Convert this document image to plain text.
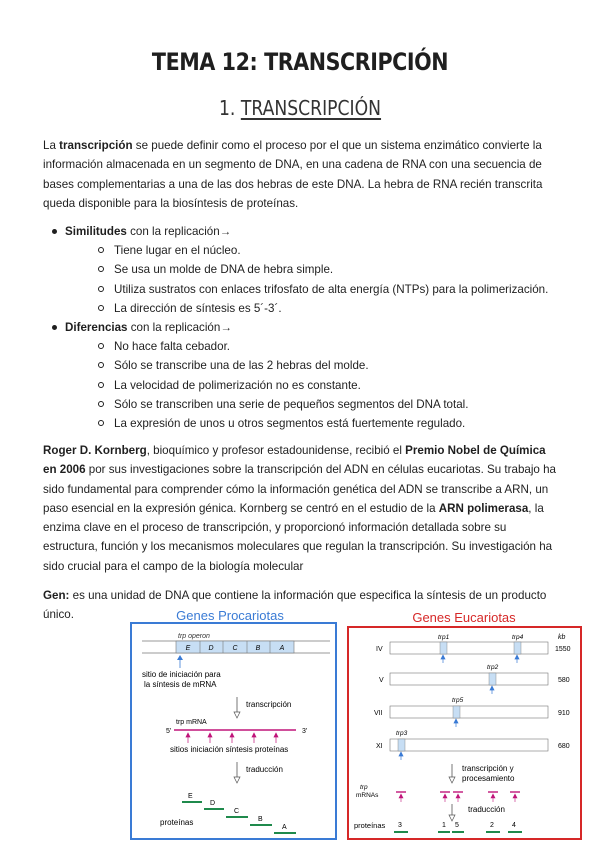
TEMA 12: TRANSCRIPCIÓN
1. TRANSCRIPCIÓN
La transcripción se puede definir como el proceso por el que un sistema enzimático convierte la información almacenada en un segmento de DNA, en una cadena de RNA con una secuencia de bases complementarias a una de las dos hebras de este DNA. La hebra de RNA recién transcrita queda disponible para la biosíntesis de proteínas.
Similitudes con la replicación→
Tiene lugar en el núcleo.
Se usa un molde de DNA de hebra simple.
Utiliza sustratos con enlaces trifosfato de alta energía (NTPs) para la polimerización.
La dirección de síntesis es 5´-3´.
Diferencias con la replicación→
No hace falta cebador.
Sólo se transcribe una de las 2 hebras del molde.
La velocidad de polimerización no es constante.
Sólo se transcriben una serie de pequeños segmentos del DNA total.
La expresión de unos u otros segmentos está fuertemente regulado.
Roger D. Kornberg, bioquímico y profesor estadounidense, recibió el Premio Nobel de Química en 2006 por sus investigaciones sobre la transcripción del ADN en células eucariotas. Su trabajo ha sido fundamental para comprender cómo la información genética del ADN se transcribe a ARN, un paso esencial en la expresión génica. Kornberg se centró en el estudio de la ARN polimerasa, la enzima clave en el proceso de transcripción, y proporcionó información detallada sobre su estructura, función y los mecanismos moleculares que regulan la transcripción. Su investigación ha sido crucial para el campo de la biología molecular
Gen: es una unidad de DNA que contiene la información que especifica la síntesis de un producto único.	Genes Procariotas
trp operon
E	D	C	B	A
sitio de iniciación para
la síntesis de mRNA
transcripción
trp mRNA
5'	3'
sitios iniciación síntesis proteínas
traducción
E
D
C
B
A
proteínas
Genes Eucariotas
kb
IV
trp1	trp4
1550
V
trp2
580
VII
trp5
910
XI
trp3
680
transcripción y
procesamiento
trp
mRNAs
traducción
proteínas 3	1 5	2	4
